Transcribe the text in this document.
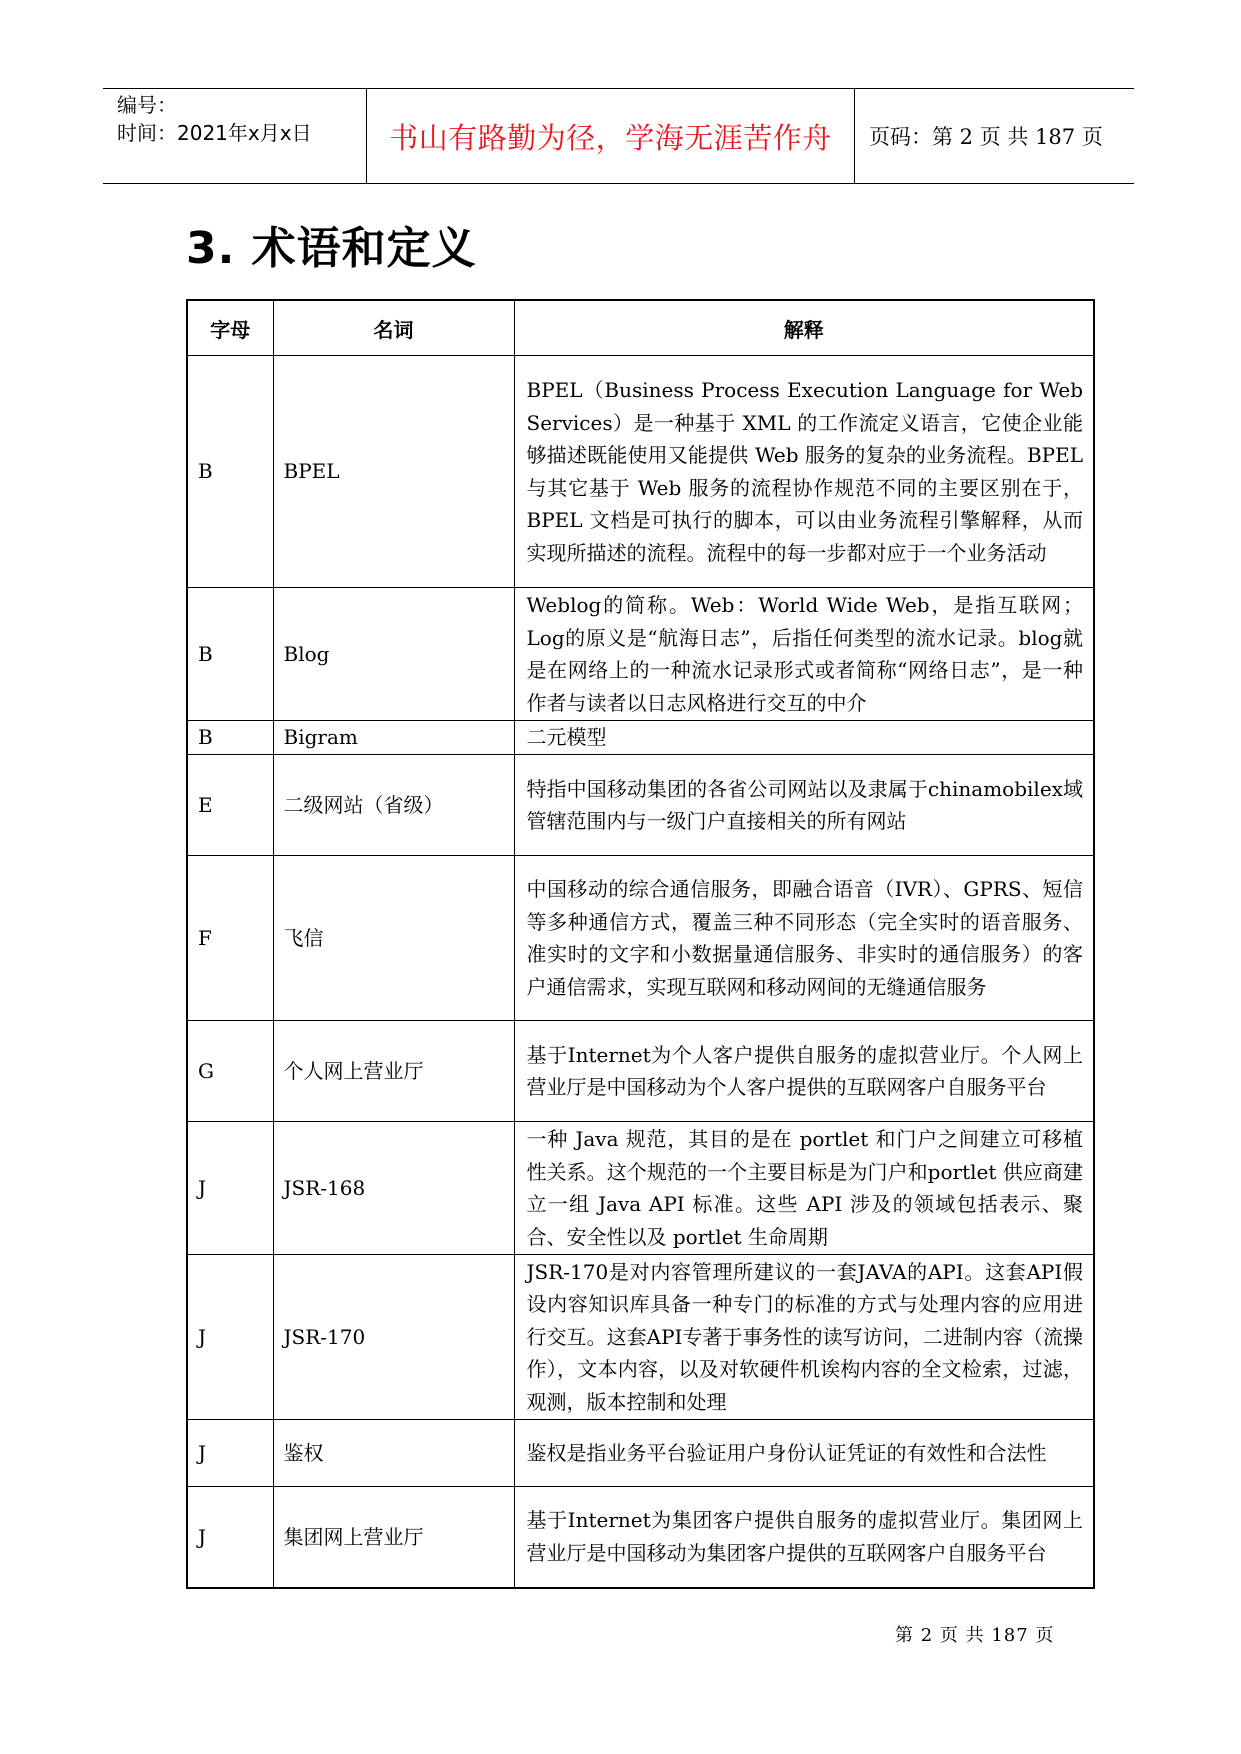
编号：
时间：2021年x月x日	书山有路勤为径，学海无涯苦作舟	页码：第 2 页 共 187 页
3. 术语和定义
字母	名词	解释
B	BPEL	BPEL（Business Process Execution Language for Web Services）是一种基于 XML 的工作流定义语言，它使企业能够描述既能使用又能提供 Web 服务的复杂的业务流程。BPEL 与其它基于 Web 服务的流程协作规范不同的主要区别在于，BPEL 文档是可执行的脚本，可以由业务流程引擎解释，从而实现所描述的流程。流程中的每一步都对应于一个业务活动
B	Blog	Weblog的简称。Web：World Wide Web，是指互联网；Log的原义是“航海日志”，后指任何类型的流水记录。blog就是在网络上的一种流水记录形式或者简称“网络日志”，是一种作者与读者以日志风格进行交互的中介
B	Bigram	二元模型
E	二级网站（省级）	特指中国移动集团的各省公司网站以及隶属于chinamobilex域管辖范围内与一级门户直接相关的所有网站
F	飞信	中国移动的综合通信服务，即融合语音（IVR）、GPRS、短信等多种通信方式，覆盖三种不同形态（完全实时的语音服务、准实时的文字和小数据量通信服务、非实时的通信服务）的客户通信需求，实现互联网和移动网间的无缝通信服务
G	个人网上营业厅	基于Internet为个人客户提供自服务的虚拟营业厅。个人网上营业厅是中国移动为个人客户提供的互联网客户自服务平台
J	JSR-168	一种 Java 规范，其目的是在 portlet 和门户之间建立可移植性关系。这个规范的一个主要目标是为门户和portlet 供应商建立一组 Java API 标准。这些 API 涉及的领域包括表示、聚合、安全性以及 portlet 生命周期
J	JSR-170	JSR-170是对内容管理所建议的一套JAVA的API。这套API假设内容知识库具备一种专门的标准的方式与处理内容的应用进行交互。这套API专著于事务性的读写访问，二进制内容（流操作），文本内容，以及对软硬件机诶构内容的全文检索，过滤，观测，版本控制和处理
J	鉴权	鉴权是指业务平台验证用户身份认证凭证的有效性和合法性
J	集团网上营业厅	基于Internet为集团客户提供自服务的虚拟营业厅。集团网上营业厅是中国移动为集团客户提供的互联网客户自服务平台
第 2 页 共 187 页
